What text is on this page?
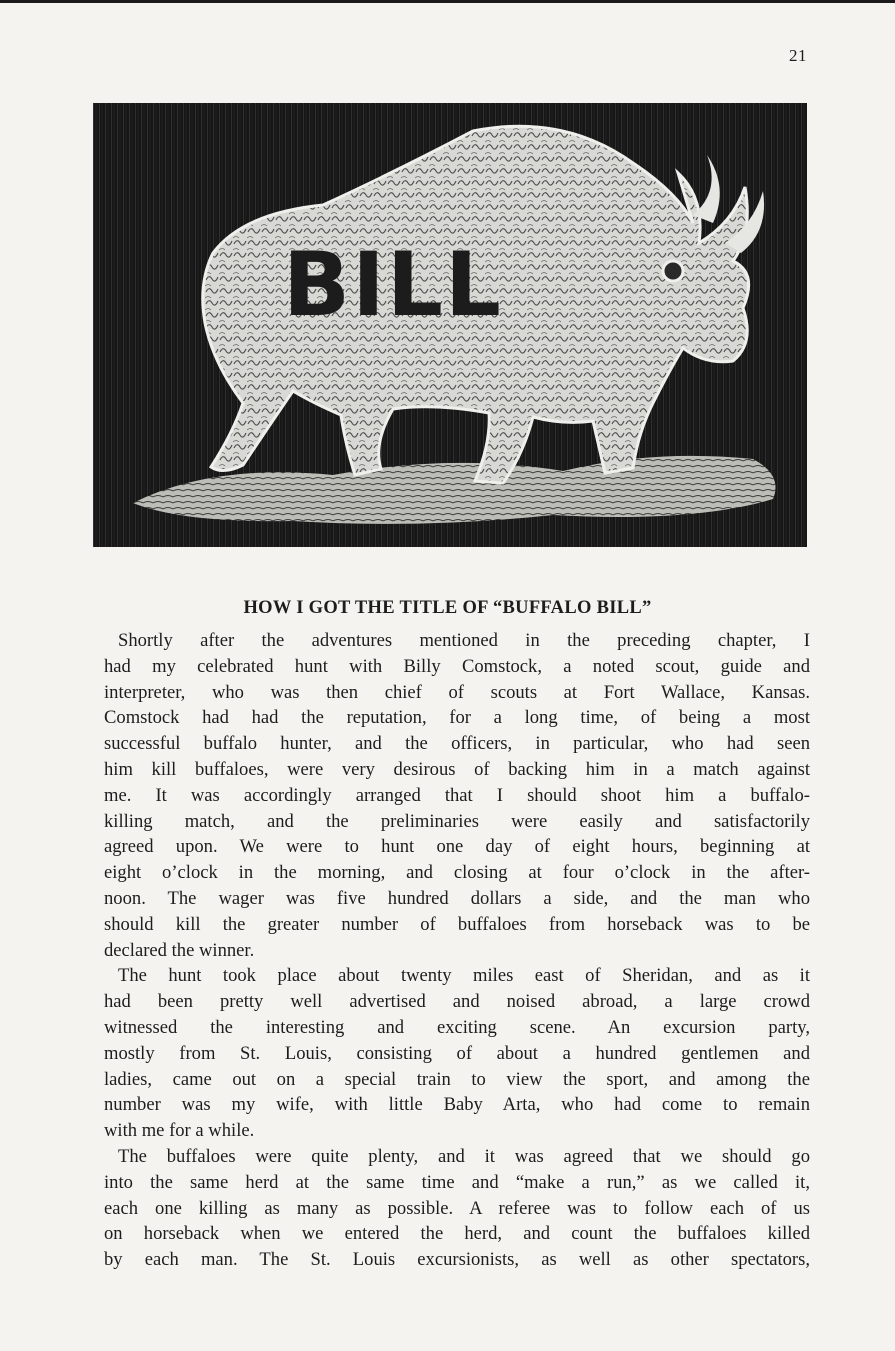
21
BILL
HOW I GOT THE TITLE OF “BUFFALO BILL”

Shortly after the adventures mentioned in the preceding chapter, I
had my celebrated hunt with Billy Comstock, a noted scout, guide and
interpreter, who was then chief of scouts at Fort Wallace, Kansas.
Comstock had had the reputation, for a long time, of being a most
successful buffalo hunter, and the officers, in particular, who had seen
him kill buffaloes, were very desirous of backing him in a match against
me. It was accordingly arranged that I should shoot him a buffalo-
killing match, and the preliminaries were easily and satisfactorily
agreed upon. We were to hunt one day of eight hours, beginning at
eight o’clock in the morning, and closing at four o’clock in the after-
noon. The wager was five hundred dollars a side, and the man who
should kill the greater number of buffaloes from horseback was to be
declared the winner.

The hunt took place about twenty miles east of Sheridan, and as it
had been pretty well advertised and noised abroad, a large crowd
witnessed the interesting and exciting scene. An excursion party,
mostly from St. Louis, consisting of about a hundred gentlemen and
ladies, came out on a special train to view the sport, and among the
number was my wife, with little Baby Arta, who had come to remain
with me for a while.

The buffaloes were quite plenty, and it was agreed that we should go
into the same herd at the same time and “make a run,” as we called it,
each one killing as many as possible. A referee was to follow each of us
on horseback when we entered the herd, and count the buffaloes killed
by each man. The St. Louis excursionists, as well as other spectators,
